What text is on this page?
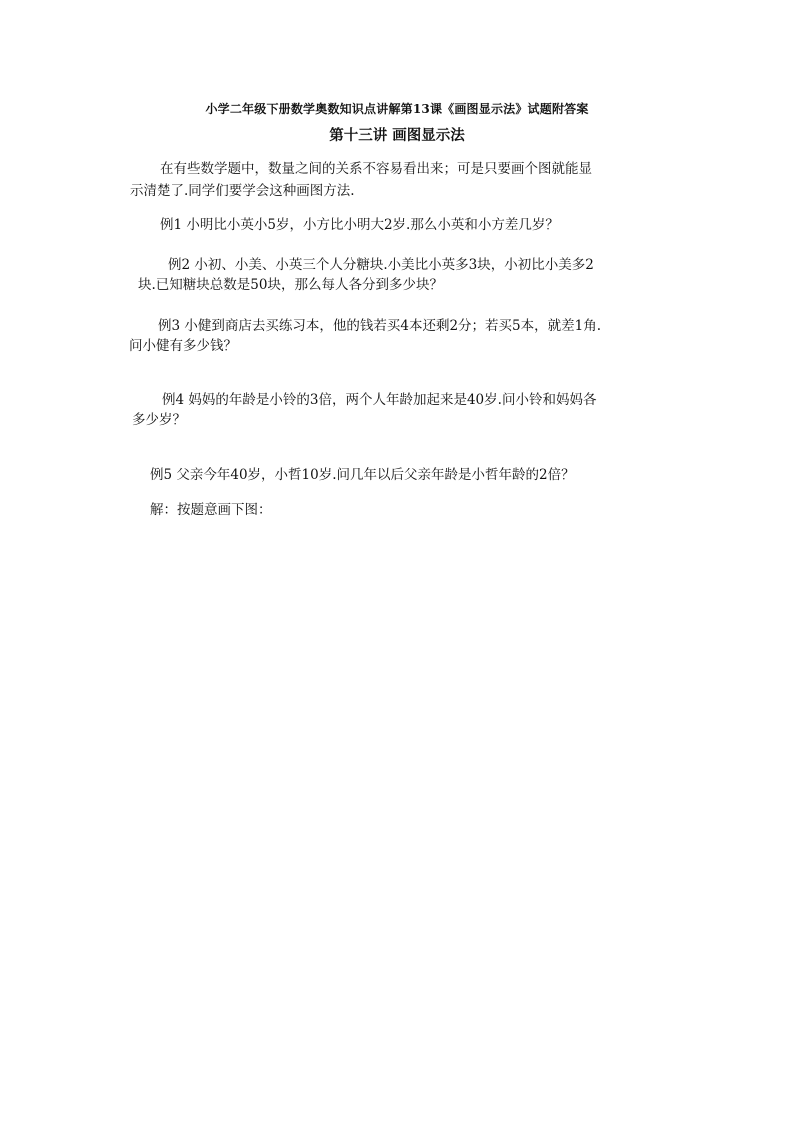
小学二年级下册数学奥数知识点讲解第13课《画图显示法》试题附答案
第十三讲 画图显示法
在有些数学题中，数量之间的关系不容易看出来；可是只要画个图就能显
示清楚了.同学们要学会这种画图方法.
例1 小明比小英小5岁，小方比小明大2岁.那么小英和小方差几岁？
例2 小初、小美、小英三个人分糖块.小美比小英多3块，小初比小美多2
块.已知糖块总数是50块，那么每人各分到多少块？
例3 小健到商店去买练习本，他的钱若买4本还剩2分；若买5本，就差1角.
问小健有多少钱？
例4 妈妈的年龄是小铃的3倍，两个人年龄加起来是40岁.问小铃和妈妈各
多少岁？
例5 父亲今年40岁，小哲10岁.问几年以后父亲年龄是小哲年龄的2倍？
解：按题意画下图：
